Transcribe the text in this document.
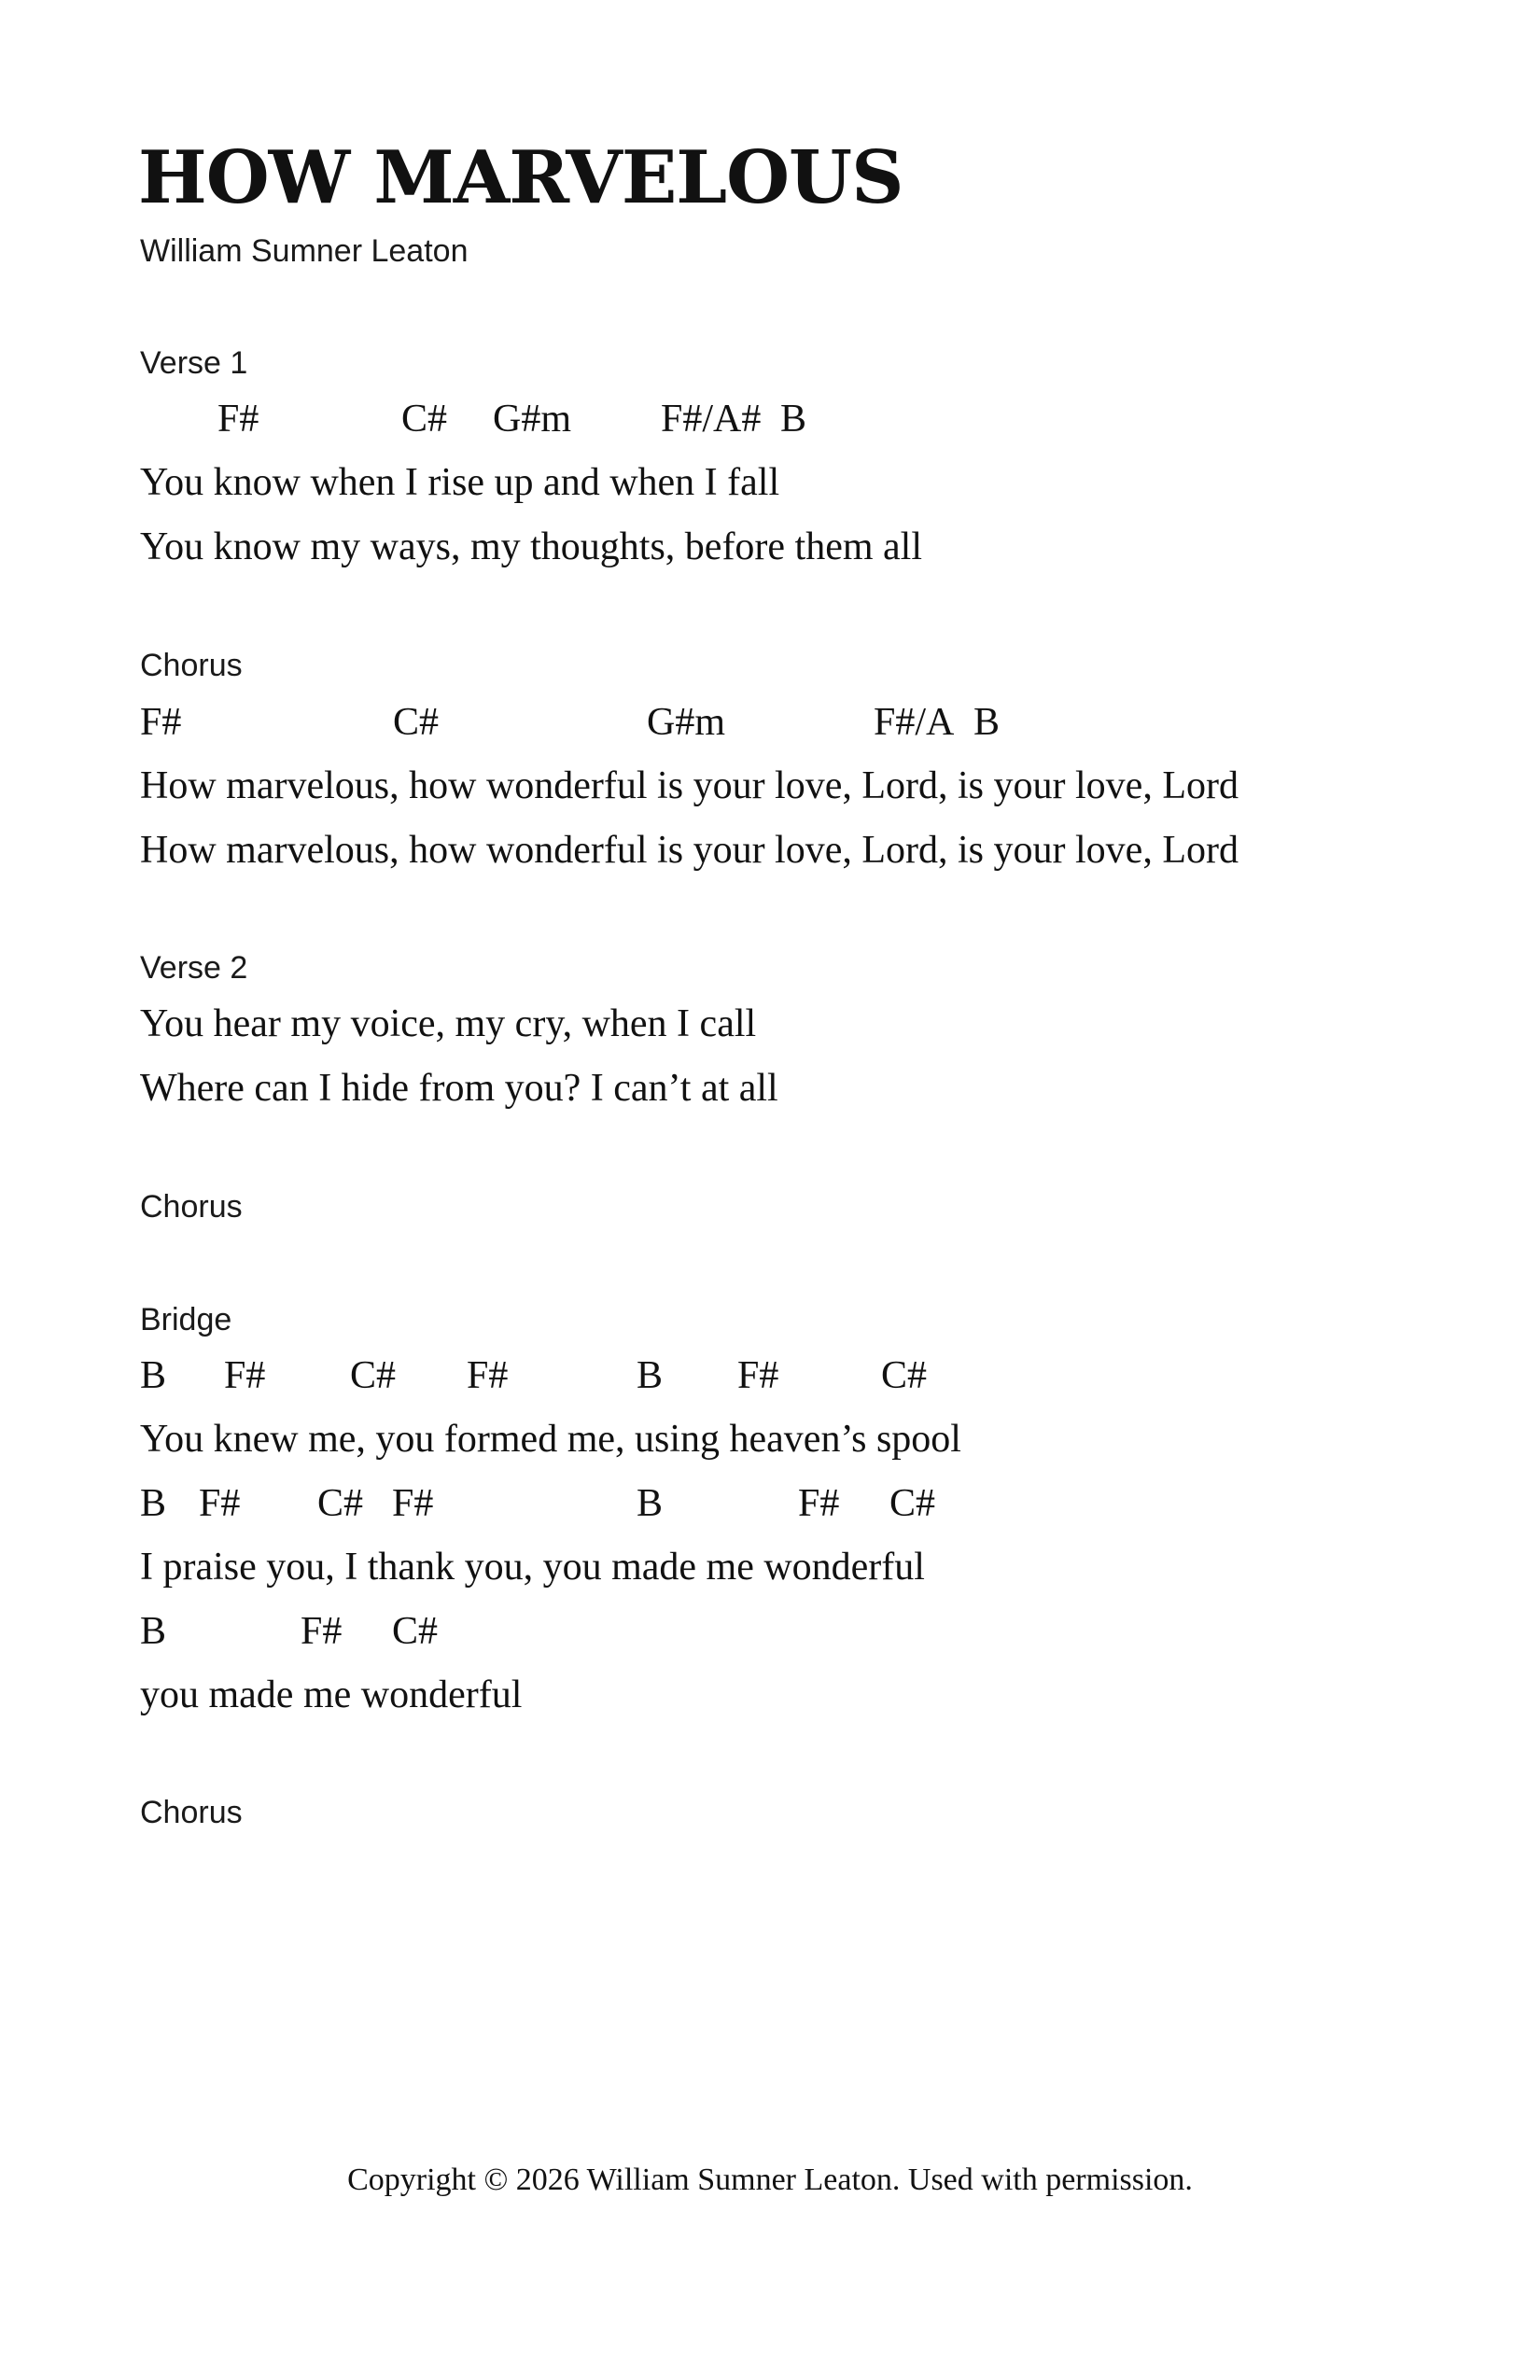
HOW MARVELOUS
William Sumner Leaton
Verse 1
F#	C# G#m F#/A# B
You know when I rise up and when I fall
You know my ways, my thoughts, before them all
Chorus
F#	C#	G#m	F#/A B
How marvelous, how wonderful is your love, Lord, is your love, Lord
How marvelous, how wonderful is your love, Lord, is your love, Lord
Verse 2
You hear my voice, my cry, when I call
Where can I hide from you? I can’t at all
Chorus
Bridge
B F# C# F#	B F#	C#
You knew me, you formed me, using heaven’s spool
B F# C# F#	B	F# C#
I praise you, I thank you, you made me wonderful
B	F# C#
you made me wonderful
Chorus
Copyright © 2026 William Sumner Leaton. Used with permission.
